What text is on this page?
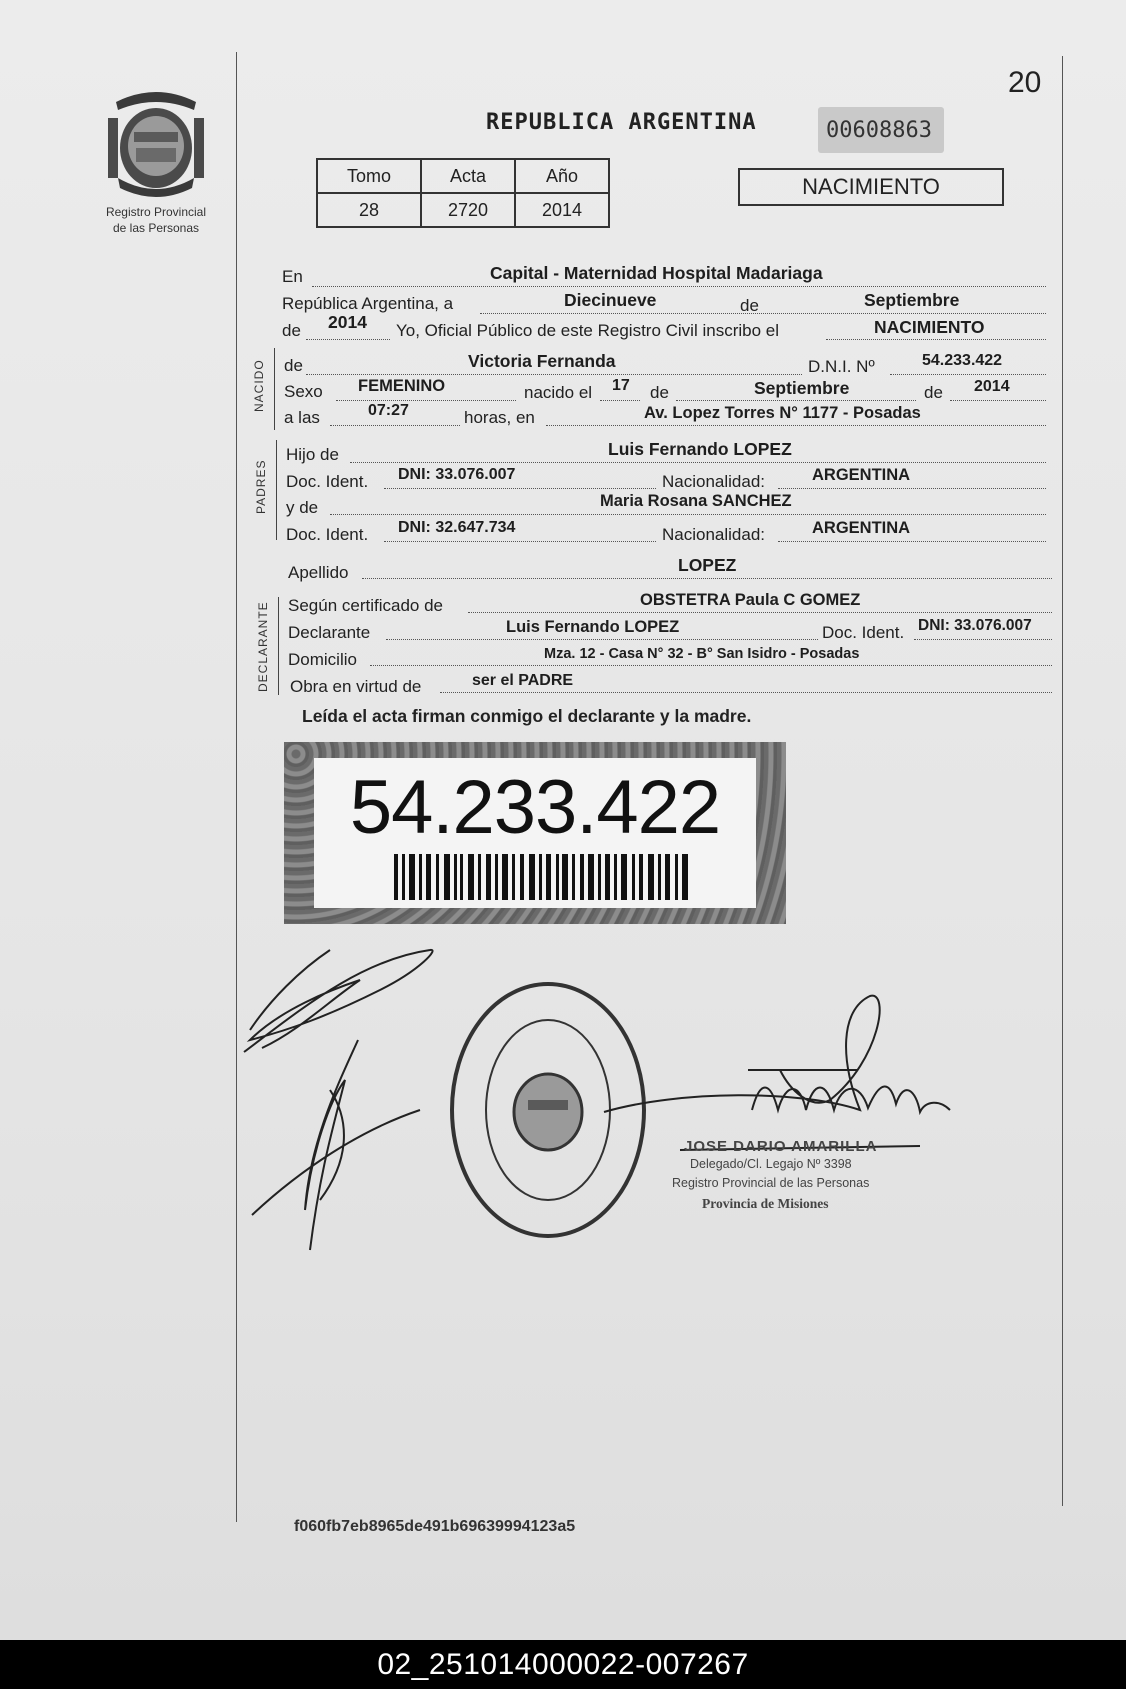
20
Registro Provincial
de las Personas
REPUBLICA ARGENTINA	00608863
Tomo	Acta	Año
28	2720	2014
NACIMIENTO
En	Capital - Maternidad Hospital Madariaga
República Argentina, a	Diecinueve	de	Septiembre
de 2014 Yo, Oficial Público de este Registro Civil inscribo el	NACIMIENTO
NACIDO de	Victoria Fernanda	D.N.I. Nº	54.233.422
Sexo FEMENINO	nacido el 17 de	Septiembre	de 2014
a las	07:27	horas, en	Av. Lopez Torres N° 1177 - Posadas
PADRES
Hijo de	Luis Fernando LOPEZ
Doc. Ident. DNI: 33.076.007	Nacionalidad:	ARGENTINA
y de	Maria Rosana SANCHEZ
Doc. Ident. DNI: 32.647.734	Nacionalidad:	ARGENTINA
Apellido	LOPEZ
DECLARANTE Según certificado de	OBSTETRA Paula C GOMEZ
Declarante	Luis Fernando LOPEZ	Doc. Ident. DNI: 33.076.007
Domicilio	Mza. 12 - Casa N° 32 - B° San Isidro - Posadas
Obra en virtud de	ser el PADRE
Leída el acta firman conmigo el declarante y la madre.
54.233.422
JOSE DARIO AMARILLA
Delegado/Cl. Legajo Nº 3398
Registro Provincial de las Personas
Provincia de Misiones
f060fb7eb8965de491b69639994123a5
02_251014000022-007267
